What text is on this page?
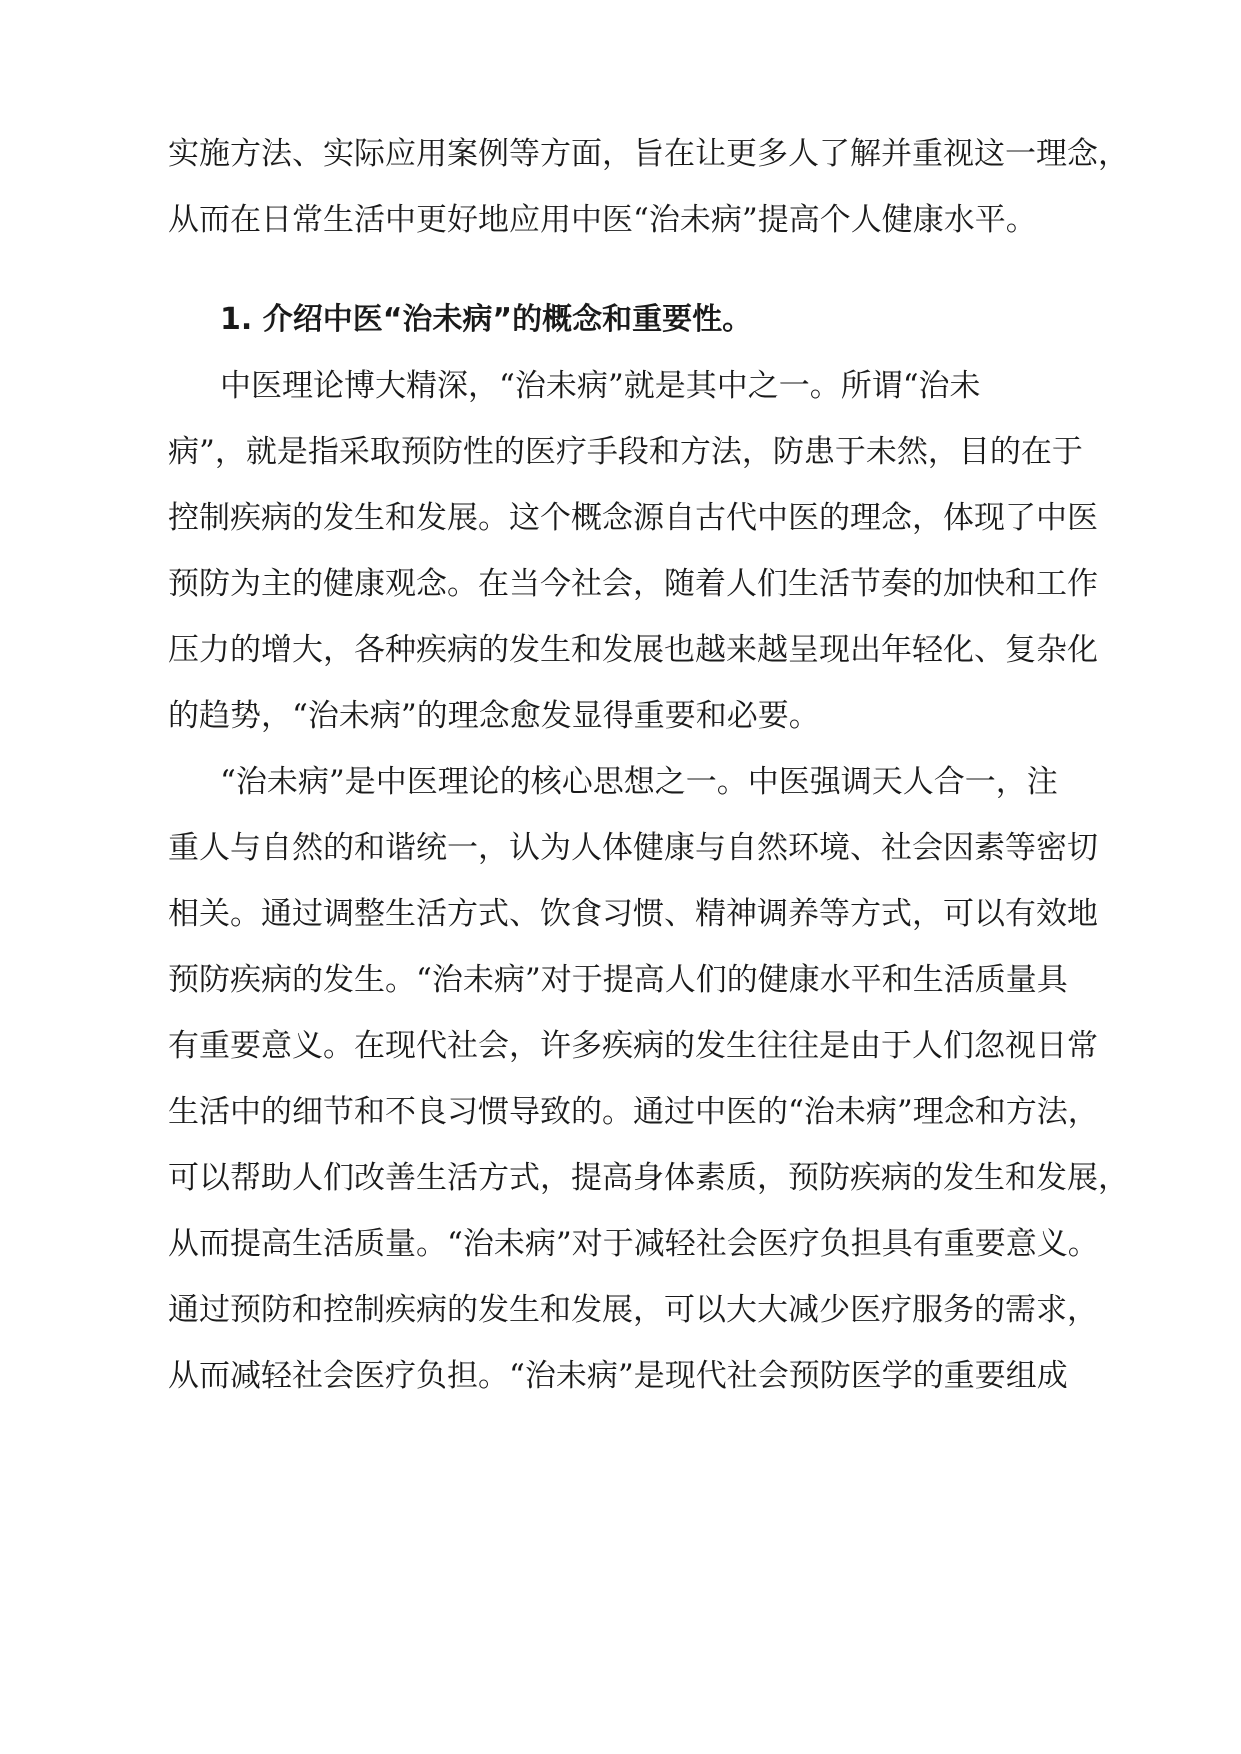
实施方法、实际应用案例等方面，旨在让更多人了解并重视这一理念，
从而在日常生活中更好地应用中医“治未病”提高个人健康水平。
1. 介绍中医“治未病”的概念和重要性。
中医理论博大精深，“治未病”就是其中之一。所谓“治未
病”，就是指采取预防性的医疗手段和方法，防患于未然，目的在于
控制疾病的发生和发展。这个概念源自古代中医的理念，体现了中医
预防为主的健康观念。在当今社会，随着人们生活节奏的加快和工作
压力的增大，各种疾病的发生和发展也越来越呈现出年轻化、复杂化
的趋势，“治未病”的理念愈发显得重要和必要。
“治未病”是中医理论的核心思想之一。中医强调天人合一，注
重人与自然的和谐统一，认为人体健康与自然环境、社会因素等密切
相关。通过调整生活方式、饮食习惯、精神调养等方式，可以有效地
预防疾病的发生。“治未病”对于提高人们的健康水平和生活质量具
有重要意义。在现代社会，许多疾病的发生往往是由于人们忽视日常
生活中的细节和不良习惯导致的。通过中医的“治未病”理念和方法，
可以帮助人们改善生活方式，提高身体素质，预防疾病的发生和发展，
从而提高生活质量。“治未病”对于减轻社会医疗负担具有重要意义。
通过预防和控制疾病的发生和发展，可以大大减少医疗服务的需求，
从而减轻社会医疗负担。“治未病”是现代社会预防医学的重要组成
